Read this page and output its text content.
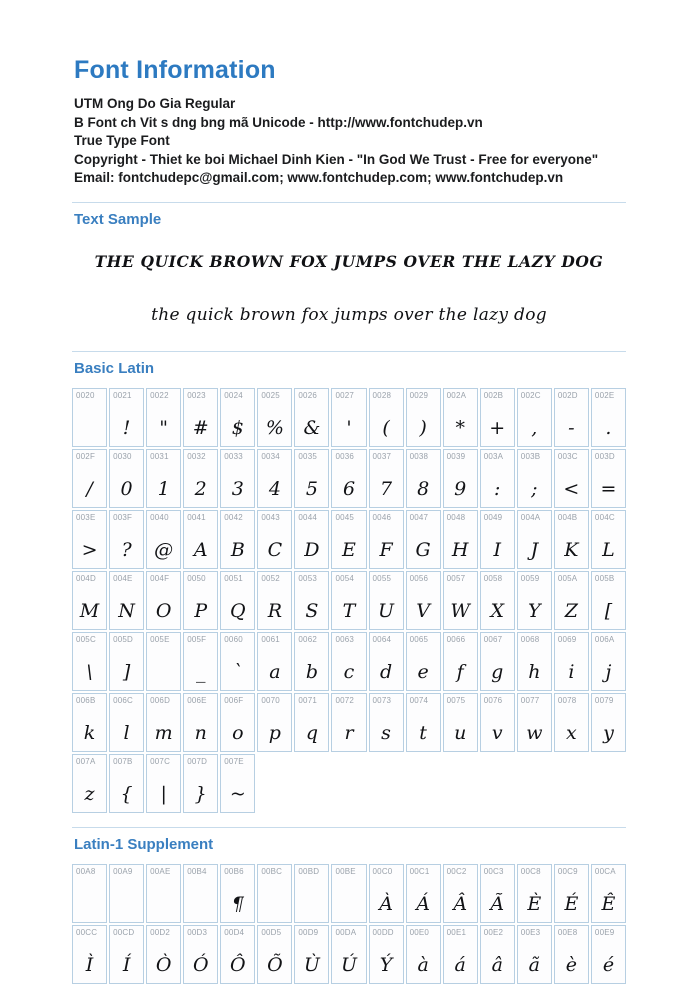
Font Information

UTM Ong Do Gia Regular

B Font ch Vit s dng bng mã Unicode - http://www.fontchudep.vn

True Type Font

Copyright - Thiet ke boi Michael Dinh Kien - "In God We Trust - Free for everyone"

Email: fontchudepc@gmail.com; www.fontchudep.com; www.fontchudep.vn

Text Sample
THE QUICK BROWN FOX JUMPS OVER THE LAZY DOG
the quick brown fox jumps over the lazy dog
Basic Latin
0020 0021
!
0022
"
0023
#
0024
$
0025
%
0026
&
0027
'
0028
(
0029
)
002A
*
002B
+
002C
,
002D
-
002E
.
002F
/
0030
0
0031
1
0032
2
0033
3
0034
4
0035
5
0036
6
0037
7
0038
8
0039
9
003A
:
003B
;
003C
<
003D
=
003E
>
003F
?
0040
@
0041
A
0042
B
0043
C
0044
D
0045
E
0046
F
0047
G
0048
H
0049
I
004A
J
004B
K
004C
L
004D
M
004E
N
004F
O
0050
P
0051
Q
0052
R
0053
S
0054
T
0055
U
0056
V
0057
W
0058
X
0059
Y
005A
Z
005B
[
005C
\
005D
]
005E 005F
_
0060
`
0061
a
0062
b
0063
c
0064
d
0065
e
0066
f
0067
g
0068
h
0069
i
006A
j
006B
k
006C
l
006D
m
006E
n
006F
o
0070
p
0071
q
0072
r
0073
s
0074
t
0075
u
0076
v
0077
w
0078
x
0079
y
007A
z
007B
{
007C
|
007D
}
007E
~
Latin-1 Supplement
00A8 00A9 00AE 00B4 00B6
¶
00BC 00BD 00BE 00C0
À
00C1
Á
00C2
Â
00C3
Ã
00C8
È
00C9
É
00CA
Ê
00CC
Ì
00CD
Í
00D2
Ò
00D3
Ó
00D4
Ô
00D5
Õ
00D9
Ù
00DA
Ú
00DD
Ý
00E0
à
00E1
á
00E2
â
00E3
ã
00E8
è
00E9
é
